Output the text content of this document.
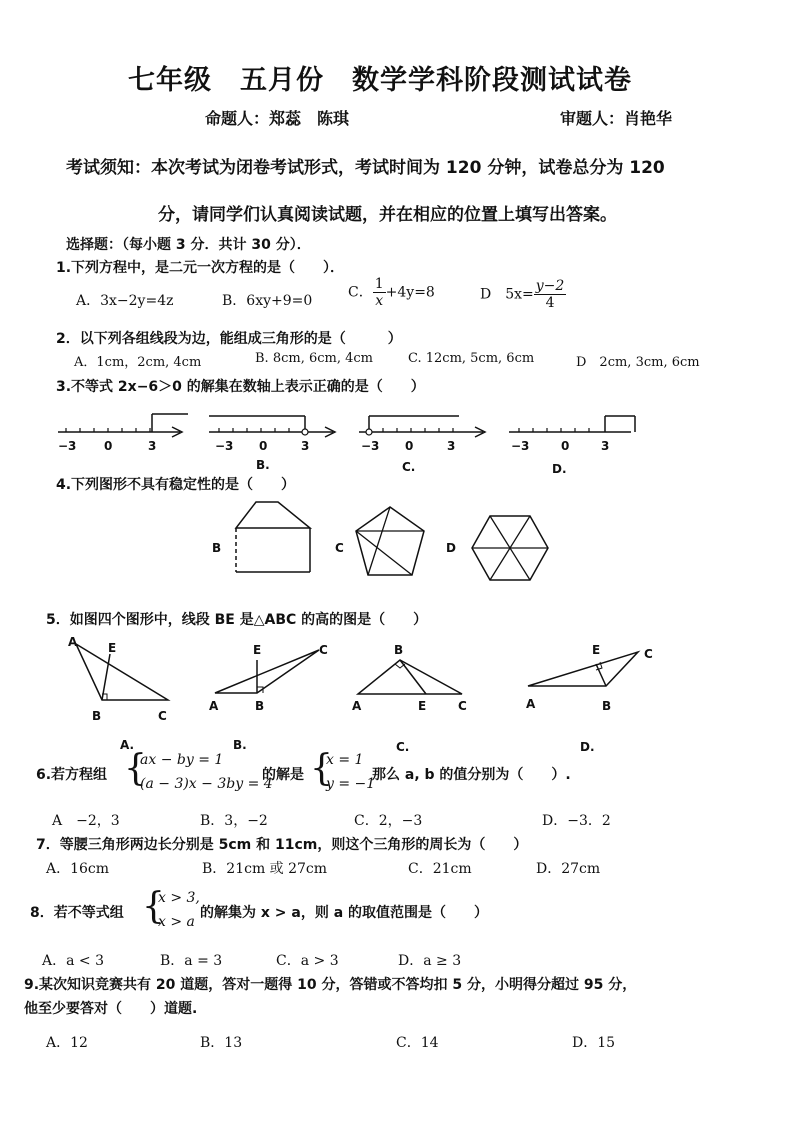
七年级　五月份　数学学科阶段测试试卷
命题人：郑蕊　陈琪	审题人：肖艳华
考试须知：本次考试为闭卷考试形式，考试时间为 120 分钟，试卷总分为 120
分，请同学们认真阅读试题，并在相应的位置上填写出答案。
选择题：（每小题 3 分．共计 30 分）．
1.下列方程中，是二元一次方程的是（　　）．
A．3x−2y=4z	B．6xy+9=0
C． $\frac{1}{x} +4y=8$	D　$5x= \frac{y-2}{4}$
2．以下列各组线段为边，能组成三角形的是（　　　）
A．1cm，2cm, 4cm	B. 8cm, 6cm, 4cm	C. 12cm, 5cm, 6cm	D　2cm, 3cm, 6cm
3.不等式 2x−6＞0 的解集在数轴上表示正确的是（　　）
−3 0	3	−3 0	3
B.
−3 0	3
C.
−3	0	3
D.
4.下列图形不具有稳定性的是（　　）
B	C	D
5．如图四个图形中，线段 BE 是△ABC 的高的图是（　　）
A	E
B	C
A.
E	C
A	B
B.
B
A	E	C
C.
E	C
A	B
D.
6.若方程组 {
ax − by = 1
(a − 3)x − 3by = 4
的解是 {
x = 1
y = −1
那么 a, b 的值分别为（　　）.
A　−2，3	B．3，−2	C．2，−3	D．−3．2
7．等腰三角形两边长分别是 5cm 和 11cm，则这个三角形的周长为（　　）
A．16cm	B．21cm 或 27cm	C．21cm	D．27cm
8．若不等式组 {
x > 3,
x > a
的解集为 x > a，则 a 的取值范围是（　　）
A．a < 3	B．a = 3	C．a > 3	D．a ≥ 3
9.某次知识竞赛共有 20 道题，答对一题得 10 分，答错或不答均扣 5 分，小明得分超过 95 分，
他至少要答对（　　）道题.
A．12	B．13	C．14	D．15
